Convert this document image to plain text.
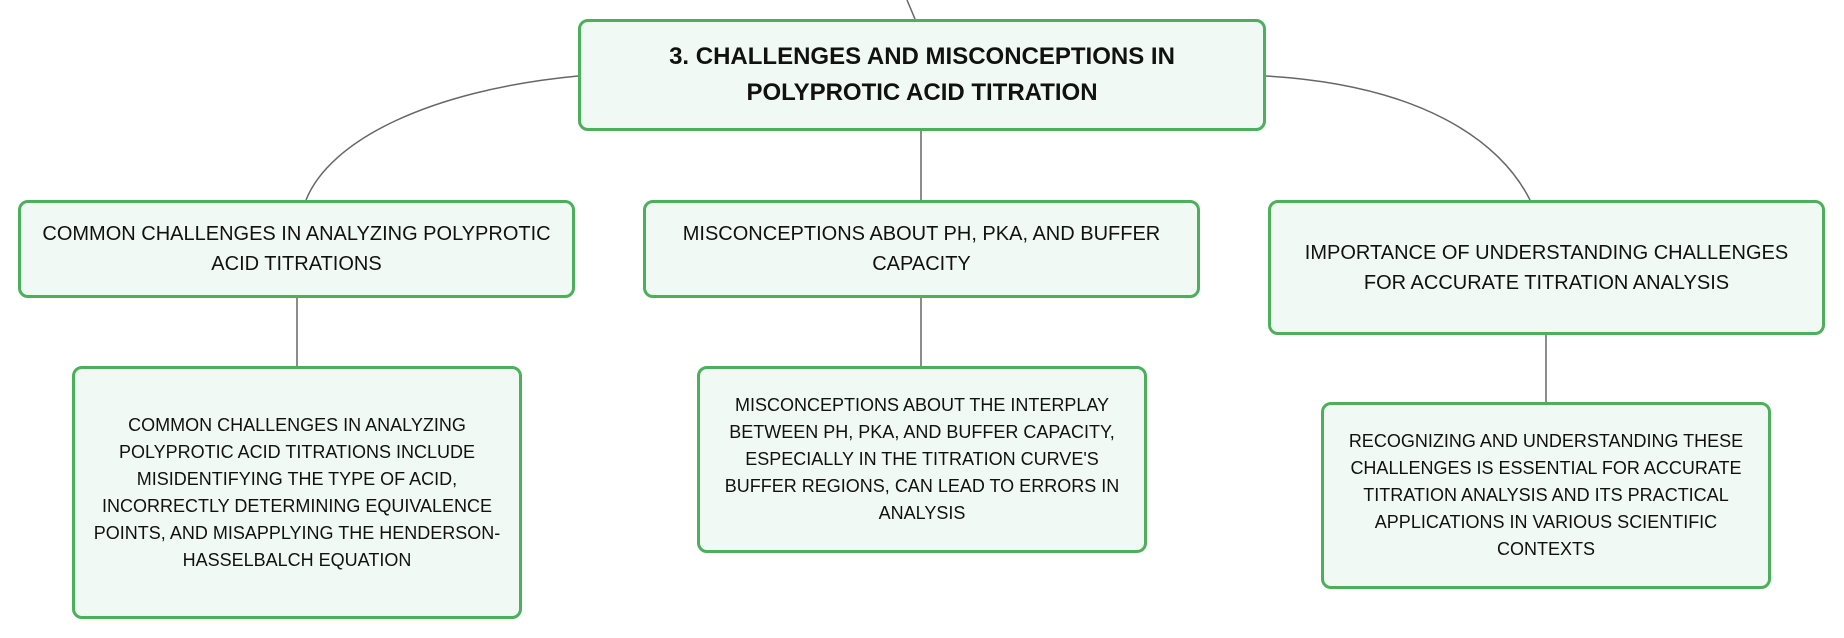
3. CHALLENGES AND MISCONCEPTIONS IN POLYPROTIC ACID TITRATION
COMMON CHALLENGES IN ANALYZING POLYPROTIC ACID TITRATIONS
MISCONCEPTIONS ABOUT PH, PKA, AND BUFFER CAPACITY
IMPORTANCE OF UNDERSTANDING CHALLENGES FOR ACCURATE TITRATION ANALYSIS
COMMON CHALLENGES IN ANALYZING POLYPROTIC ACID TITRATIONS INCLUDE MISIDENTIFYING THE TYPE OF ACID, INCORRECTLY DETERMINING EQUIVALENCE POINTS, AND MISAPPLYING THE HENDERSON-HASSELBALCH EQUATION
MISCONCEPTIONS ABOUT THE INTERPLAY BETWEEN PH, PKA, AND BUFFER CAPACITY, ESPECIALLY IN THE TITRATION CURVE'S BUFFER REGIONS, CAN LEAD TO ERRORS IN ANALYSIS
RECOGNIZING AND UNDERSTANDING THESE CHALLENGES IS ESSENTIAL FOR ACCURATE TITRATION ANALYSIS AND ITS PRACTICAL APPLICATIONS IN VARIOUS SCIENTIFIC CONTEXTS
